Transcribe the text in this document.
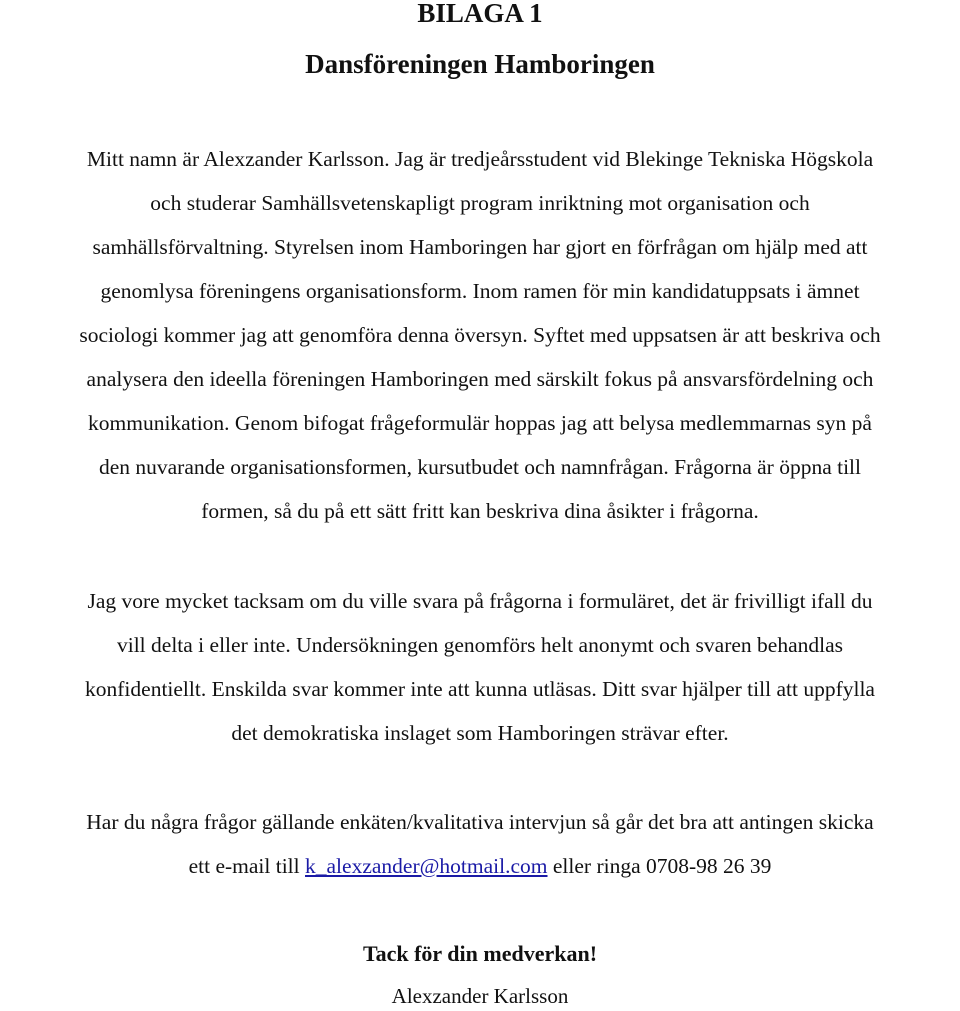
BILAGA 1
Dansföreningen Hamboringen
Mitt namn är Alexzander Karlsson. Jag är tredjeårsstudent vid Blekinge Tekniska Högskola
och studerar Samhällsvetenskapligt program inriktning mot organisation och
samhällsförvaltning. Styrelsen inom Hamboringen har gjort en förfrågan om hjälp med att
genomlysa föreningens organisationsform. Inom ramen för min kandidatuppsats i ämnet
sociologi kommer jag att genomföra denna översyn. Syftet med uppsatsen är att beskriva och
analysera den ideella föreningen Hamboringen med särskilt fokus på ansvarsfördelning och
kommunikation. Genom bifogat frågeformulär hoppas jag att belysa medlemmarnas syn på
den nuvarande organisationsformen, kursutbudet och namnfrågan. Frågorna är öppna till
formen, så du på ett sätt fritt kan beskriva dina åsikter i frågorna.
Jag vore mycket tacksam om du ville svara på frågorna i formuläret, det är frivilligt ifall du
vill delta i eller inte. Undersökningen genomförs helt anonymt och svaren behandlas
konfidentiellt. Enskilda svar kommer inte att kunna utläsas. Ditt svar hjälper till att uppfylla
det demokratiska inslaget som Hamboringen strävar efter.
Har du några frågor gällande enkäten/kvalitativa intervjun så går det bra att antingen skicka
ett e-mail till k_alexzander@hotmail.com eller ringa 0708-98 26 39
Tack för din medverkan!
Alexzander Karlsson
